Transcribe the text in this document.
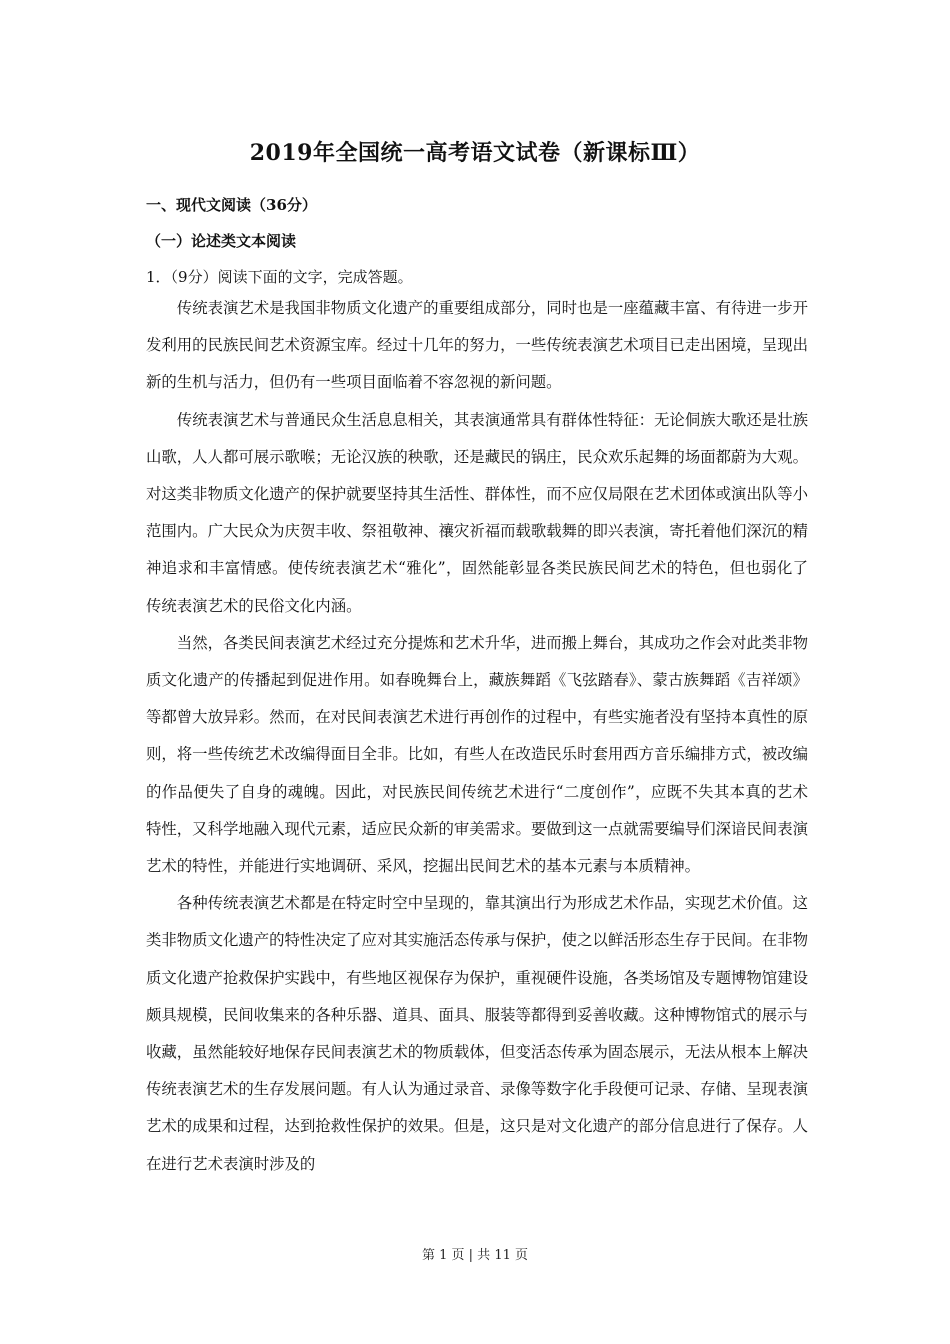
2019年全国统一高考语文试卷（新课标Ⅲ）
一、现代文阅读（36分）
（一）论述类文本阅读
1．（9分）阅读下面的文字，完成答题。

传统表演艺术是我国非物质文化遗产的重要组成部分，同时也是一座蕴藏丰富、有待进一步开发利用的民族民间艺术资源宝库。经过十几年的努力，一些传统表演艺术项目已走出困境，呈现出新的生机与活力，但仍有一些项目面临着不容忽视的新问题。

传统表演艺术与普通民众生活息息相关，其表演通常具有群体性特征：无论侗族大歌还是壮族山歌，人人都可展示歌喉；无论汉族的秧歌，还是藏民的锅庄，民众欢乐起舞的场面都蔚为大观。对这类非物质文化遗产的保护就要坚持其生活性、群体性，而不应仅局限在艺术团体或演出队等小范围内。广大民众为庆贺丰收、祭祖敬神、禳灾祈福而载歌载舞的即兴表演，寄托着他们深沉的精神追求和丰富情感。使传统表演艺术“雅化”，固然能彰显各类民族民间艺术的特色，但也弱化了传统表演艺术的民俗文化内涵。

当然，各类民间表演艺术经过充分提炼和艺术升华，进而搬上舞台，其成功之作会对此类非物质文化遗产的传播起到促进作用。如春晚舞台上，藏族舞蹈《飞弦踏春》、蒙古族舞蹈《吉祥颂》等都曾大放异彩。然而，在对民间表演艺术进行再创作的过程中，有些实施者没有坚持本真性的原则，将一些传统艺术改编得面目全非。比如，有些人在改造民乐时套用西方音乐编排方式，被改编的作品便失了自身的魂魄。因此，对民族民间传统艺术进行“二度创作”，应既不失其本真的艺术特性，又科学地融入现代元素，适应民众新的审美需求。要做到这一点就需要编导们深谙民间表演艺术的特性，并能进行实地调研、采风，挖掘出民间艺术的基本元素与本质精神。

各种传统表演艺术都是在特定时空中呈现的，靠其演出行为形成艺术作品，实现艺术价值。这类非物质文化遗产的特性决定了应对其实施活态传承与保护，使之以鲜活形态生存于民间。在非物质文化遗产抢救保护实践中，有些地区视保存为保护，重视硬件设施，各类场馆及专题博物馆建设颇具规模，民间收集来的各种乐器、道具、面具、服装等都得到妥善收藏。这种博物馆式的展示与收藏，虽然能较好地保存民间表演艺术的物质载体，但变活态传承为固态展示，无法从根本上解决传统表演艺术的生存发展问题。有人认为通过录音、录像等数字化手段便可记录、存储、呈现表演艺术的成果和过程，达到抢救性保护的效果。但是，这只是对文化遗产的部分信息进行了保存。人在进行艺术表演时涉及的

第 1 页 | 共 11 页
